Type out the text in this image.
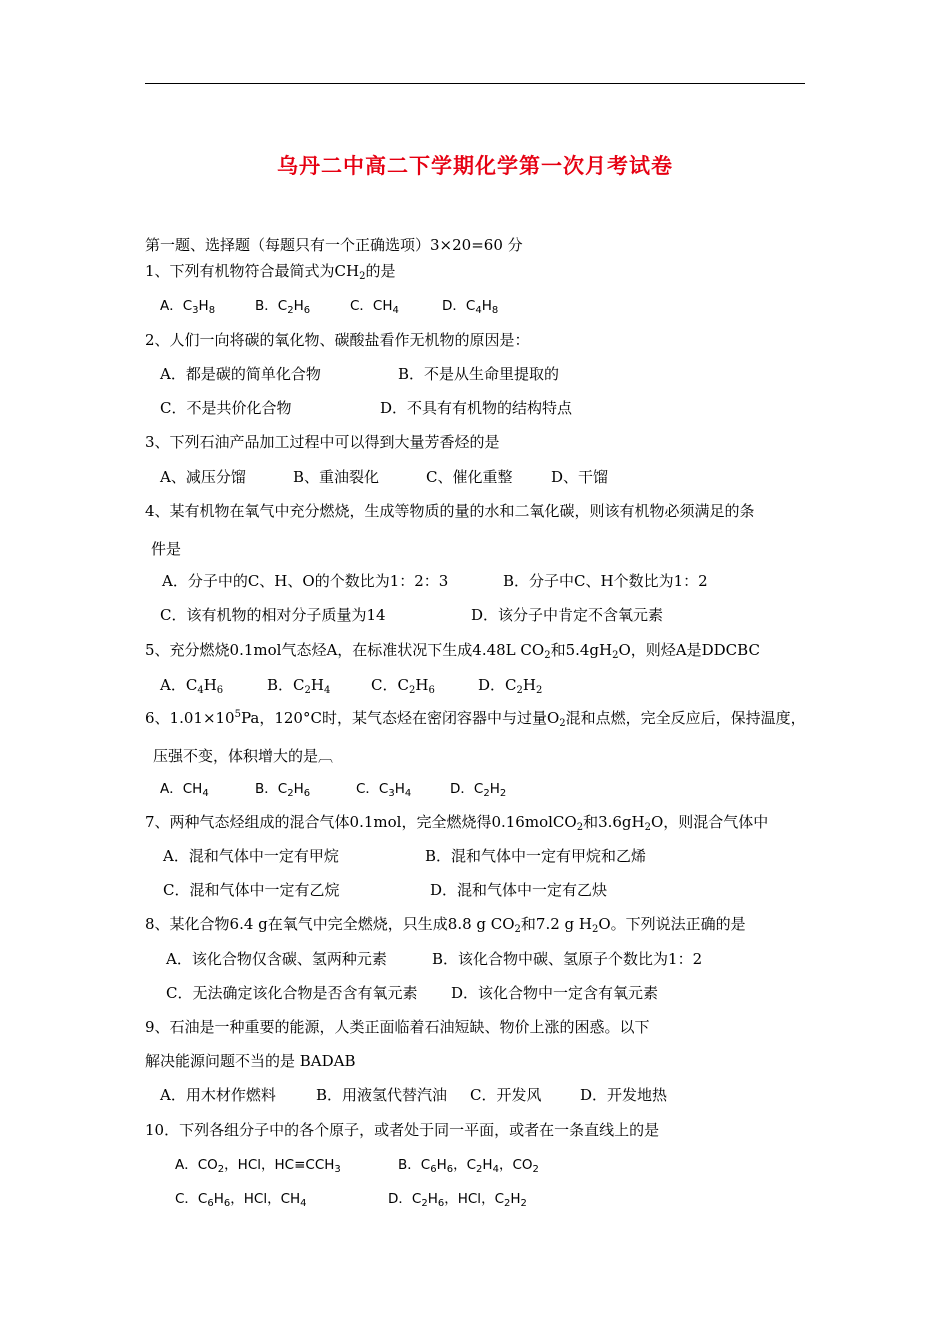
乌丹二中高二下学期化学第一次月考试卷
第一题、选择题（每题只有一个正确选项）3×20=60 分
1、下列有机物符合最简式为$CH_2$的是
A．$C_3H_8$	B．$C_2H_6$	C．$CH_4$	D．$C_4H_8$
2、人们一向将碳的氧化物、碳酸盐看作无机物的原因是：
A．都是碳的简单化合物	B．不是从生命里提取的
C．不是共价化合物	D．不具有有机物的结构特点
3、下列石油产品加工过程中可以得到大量芳香烃的是
A、减压分馏	B、重油裂化	C、催化重整	D、干馏
4、某有机物在氧气中充分燃烧，生成等物质的量的水和二氧化碳，则该有机物必须满足的条
件是
A．分子中的C、H、O的个数比为1：2：3	B．分子中C、H个数比为1：2
C．该有机物的相对分子质量为14	D．该分子中肯定不含氧元素
5、充分燃烧0.1mol气态烃A，在标准状况下生成4.48L $CO_2$和$5.4gH_2O$，则烃A是DDCBC
A．$C_4H_6$	B．$C_2H_4$	C．$C_2H_6$	D．$C_2H_2$
6、$1.01\times 10^5Pa$，120°C时，某气态烃在密闭容器中与过量$O_2$混和点燃，完全反应后，保持温度，
压强不变，体积增大的是︹
A．$CH_4$	B．$C_2H_6$	C．$C_3H_4$	D．$C_2H_2$
7、两种气态烃组成的混合气体0.1mol，完全燃烧得0.16molCO$_2$和$3.6gH_2O$，则混合气体中
A．混和气体中一定有甲烷	B．混和气体中一定有甲烷和乙烯
C．混和气体中一定有乙烷	D．混和气体中一定有乙炔
8、某化合物6.4 g在氧气中完全燃烧，只生成8.8 g $CO_2$和7.2 g $H_2O$。下列说法正确的是
A．该化合物仅含碳、氢两种元素	B．该化合物中碳、氢原子个数比为1：2
C．无法确定该化合物是否含有氧元素 D．该化合物中一定含有氧元素
9、石油是一种重要的能源，人类正面临着石油短缺、物价上涨的困惑。以下
解决能源问题不当的是 BADAB
A．用木材作燃料	B．用液氢代替汽油 C．开发风	D．开发地热
10．下列各组分子中的各个原子，或者处于同一平面，或者在一条直线上的是
A．$CO_2$，HCl，$HC\equiv CCH_3$	B．$C_6H_6$，$C_2H_4$，$CO_2$
C．$C_6H_6$，HCl，$CH_4$	D．$C_2H_6$，HCl，$C_2H_2$
